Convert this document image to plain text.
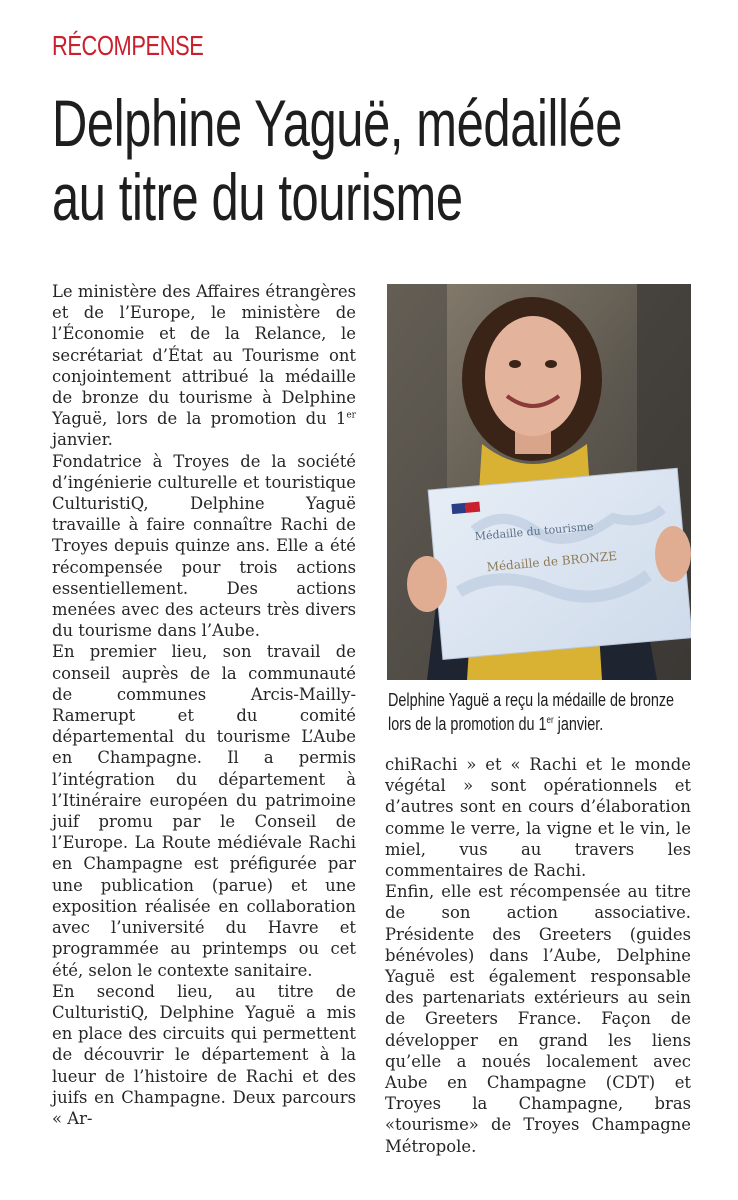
RÉCOMPENSE
Delphine Yaguë, médaillée
au titre du tourisme

Le ministère des Affaires étrangères et de l’Europe, le ministère de l’Économie et de la Relance, le secrétariat d’État au Tourisme ont conjointement attribué la médaille de bronze du tourisme à Delphine Yaguë, lors de la promotion du 1er janvier.

Fondatrice à Troyes de la société d’ingénierie culturelle et touristique CulturistiQ, Delphine Yaguë travaille à faire connaître Rachi de Troyes depuis quinze ans. Elle a été récompensée pour trois actions essentiellement. Des actions menées avec des acteurs très divers du tourisme dans l’Aube.

En premier lieu, son travail de conseil auprès de la communauté de communes Arcis-Mailly-Ramerupt et du comité départemental du tourisme L’Aube en Champagne. Il a permis l’intégration du département à l’Itinéraire européen du patrimoine juif promu par le Conseil de l’Europe. La Route médiévale Rachi en Champagne est préfigurée par une publication (parue) et une exposition réalisée en collaboration avec l’université du Havre et programmée au printemps ou cet été, selon le contexte sanitaire.

En second lieu, au titre de CulturistiQ, Delphine Yaguë a mis en place des circuits qui permettent de découvrir le département à la lueur de l’histoire de Rachi et des juifs en Champagne. Deux parcours « Ar-

Médaille du tourisme
Médaille de BRONZE
Delphine Yaguë a reçu la médaille de bronze
lors de la promotion du 1er janvier.

chiRachi » et « Rachi et le monde végétal » sont opérationnels et d’autres sont en cours d’élaboration comme le verre, la vigne et le vin, le miel, vus au travers les commentaires de Rachi.

Enfin, elle est récompensée au titre de son action associative. Présidente des Greeters (guides bénévoles) dans l’Aube, Delphine Yaguë est également responsable des partenariats extérieurs au sein de Greeters France. Façon de développer en grand les liens qu’elle a noués localement avec Aube en Champagne (CDT) et Troyes la Champagne, bras «tourisme» de Troyes Champagne Métropole.
